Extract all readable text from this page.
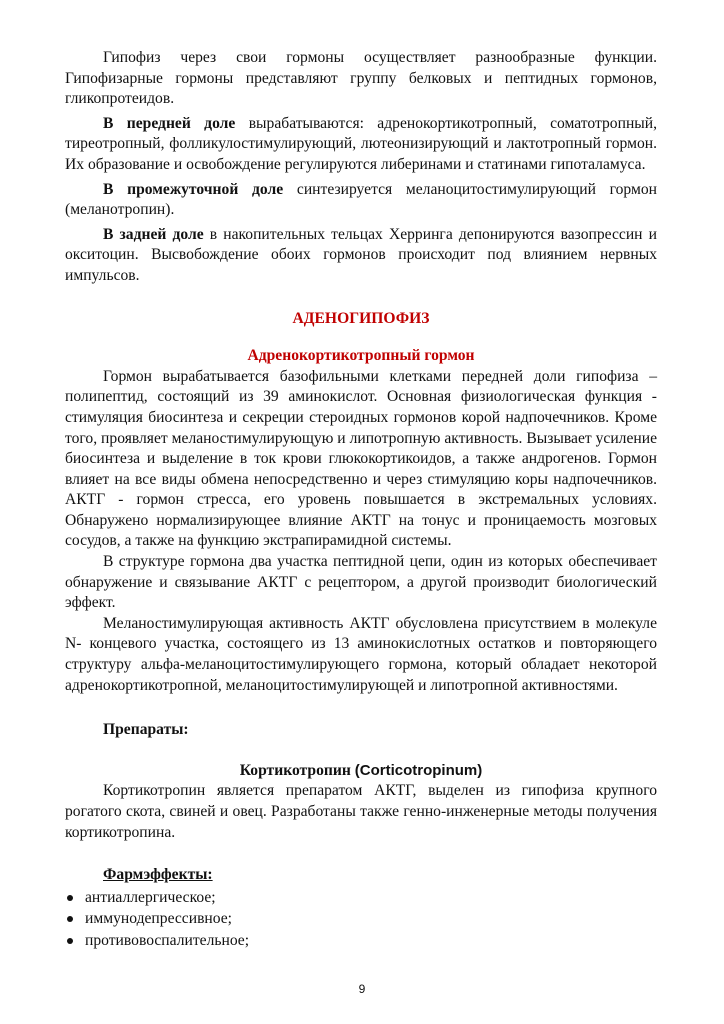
Гипофиз через свои гормоны осуществляет разнообразные функции. Гипофизарные гормоны представляют группу белковых и пептидных гормонов, гликопротеидов.

В передней доле вырабатываются: адренокортикотропный, соматотропный, тиреотропный, фолликулостимулирующий, лютеонизирующий и лактотропный гормон. Их образование и освобождение регулируются либеринами и статинами гипоталамуса.

В промежуточной доле синтезируется меланоцитостимулирующий гормон (меланотропин).

В задней доле в накопительных тельцах Херринга депонируются вазопрессин и окситоцин. Высвобождение обоих гормонов происходит под влиянием нервных импульсов.

АДЕНОГИПОФИЗ
Адренокортикотропный гормон

Гормон вырабатывается базофильными клетками передней доли гипофиза – полипептид, состоящий из 39 аминокислот. Основная физиологическая функция - стимуляция биосинтеза и секреции стероидных гормонов корой надпочечников. Кроме того, проявляет меланостимулирующую и липотропную активность. Вызывает усиление биосинтеза и выделение в ток крови глюкокортикоидов, а также андрогенов. Гормон влияет на все виды обмена непосредственно и через стимуляцию коры надпочечников. АКТГ - гормон стресса, его уровень повышается в экстремальных условиях. Обнаружено нормализирующее влияние АКТГ на тонус и проницаемость мозговых сосудов, а также на функцию экстрапирамидной системы.

В структуре гормона два участка пептидной цепи, один из которых обеспечивает обнаружение и связывание АКТГ с рецептором, а другой производит биологический эффект.

Меланостимулирующая активность АКТГ обусловлена присутствием в молекуле N- концевого участка, состоящего из 13 аминокислотных остатков и повторяющего структуру альфа-меланоцитостимулирующего гормона, который обладает некоторой адренокортикотропной, меланоцитостимулирующей и липотропной активностями.

Препараты:
Кортикотропин (Corticotropinum)

Кортикотропин является препаратом АКТГ, выделен из гипофиза крупного рогатого скота, свиней и овец. Разработаны также генно-инженерные методы получения кортикотропина.

Фармэффекты:
антиаллергическое;
иммунодепрессивное;
противовоспалительное;
9
